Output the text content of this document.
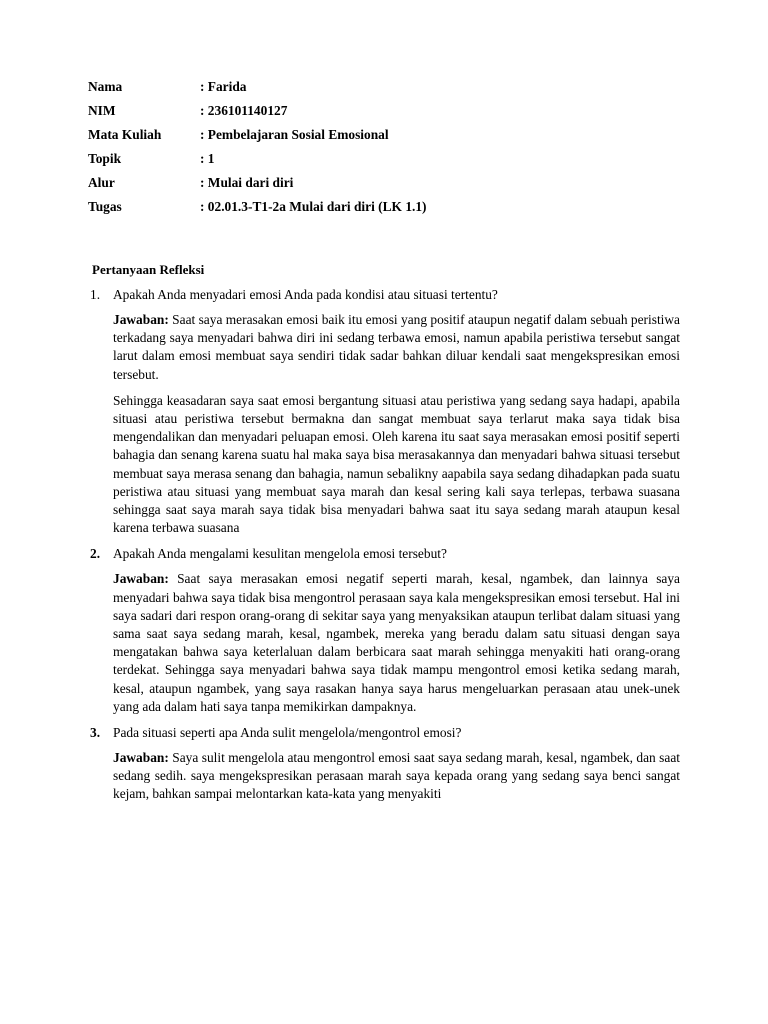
Nama	: Farida
NIM	: 236101140127
Mata Kuliah	: Pembelajaran Sosial Emosional
Topik	: 1
Alur	: Mulai dari diri
Tugas	: 02.01.3-T1-2a Mulai dari diri (LK 1.1)
Pertanyaan Refleksi
1. Apakah Anda menyadari emosi Anda pada kondisi atau situasi tertentu?

Jawaban: Saat saya merasakan emosi baik itu emosi yang positif ataupun negatif dalam sebuah peristiwa terkadang saya menyadari bahwa diri ini sedang terbawa emosi, namun apabila peristiwa tersebut sangat larut dalam emosi membuat saya sendiri tidak sadar bahkan diluar kendali saat mengekspresikan emosi tersebut.

Sehingga keasadaran saya saat emosi bergantung situasi atau peristiwa yang sedang saya hadapi, apabila situasi atau peristiwa tersebut bermakna dan sangat membuat saya terlarut maka saya tidak bisa mengendalikan dan menyadari peluapan emosi. Oleh karena itu saat saya merasakan emosi positif seperti bahagia dan senang karena suatu hal maka saya bisa merasakannya dan menyadari bahwa situasi tersebut membuat saya merasa senang dan bahagia, namun sebalikny aapabila saya sedang dihadapkan pada suatu peristiwa atau situasi yang membuat saya marah dan kesal sering kali saya terlepas, terbawa suasana sehingga saat saya marah saya tidak bisa menyadari bahwa saat itu saya sedang marah ataupun kesal karena terbawa suasana

2. Apakah Anda mengalami kesulitan mengelola emosi tersebut?

Jawaban: Saat saya merasakan emosi negatif seperti marah, kesal, ngambek, dan lainnya saya menyadari bahwa saya tidak bisa mengontrol perasaan saya kala mengekspresikan emosi tersebut. Hal ini saya sadari dari respon orang-orang di sekitar saya yang menyaksikan ataupun terlibat dalam situasi yang sama saat saya sedang marah, kesal, ngambek, mereka yang beradu dalam satu situasi dengan saya mengatakan bahwa saya keterlaluan dalam berbicara saat marah sehingga menyakiti hati orang-orang terdekat. Sehingga saya menyadari bahwa saya tidak mampu mengontrol emosi ketika sedang marah, kesal, ataupun ngambek, yang saya rasakan hanya saya harus mengeluarkan perasaan atau unek-unek yang ada dalam hati saya tanpa memikirkan dampaknya.

3. Pada situasi seperti apa Anda sulit mengelola/mengontrol emosi?

Jawaban: Saya sulit mengelola atau mengontrol emosi saat saya sedang marah, kesal, ngambek, dan saat sedang sedih. saya mengekspresikan perasaan marah saya kepada orang yang sedang saya benci sangat kejam, bahkan sampai melontarkan kata-kata yang menyakiti
